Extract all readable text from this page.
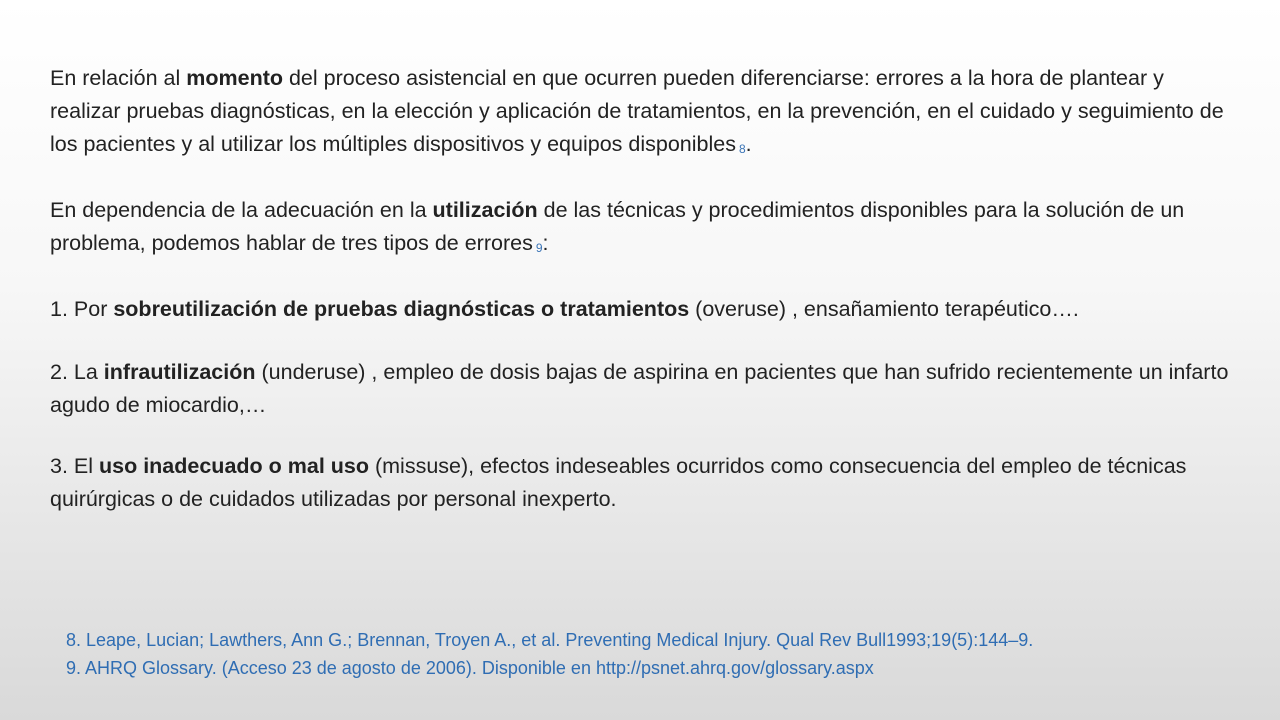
En relación al momento del proceso asistencial en que ocurren pueden diferenciarse: errores a la hora de plantear y realizar pruebas diagnósticas, en la elección y aplicación de tratamientos, en la prevención, en el cuidado y seguimiento de los pacientes y al utilizar los múltiples dispositivos y equipos disponibles 8.

En dependencia de la adecuación en la utilización de las técnicas y procedimientos disponibles para la solución de un problema, podemos hablar de tres tipos de errores 9:

1. Por sobreutilización de pruebas diagnósticas o tratamientos (overuse) , ensañamiento terapéutico….

2. La infrautilización (underuse) , empleo de dosis bajas de aspirina en pacientes que han sufrido recientemente un infarto agudo de miocardio,…

3. El uso inadecuado o mal uso (missuse), efectos indeseables ocurridos como consecuencia del empleo de técnicas quirúrgicas o de cuidados utilizadas por personal inexperto.

8. Leape, Lucian; Lawthers, Ann G.; Brennan, Troyen A., et al. Preventing Medical Injury. Qual Rev Bull1993;19(5):144–9.
9. AHRQ Glossary. (Acceso 23 de agosto de 2006). Disponible en http://psnet.ahrq.gov/glossary.aspx
